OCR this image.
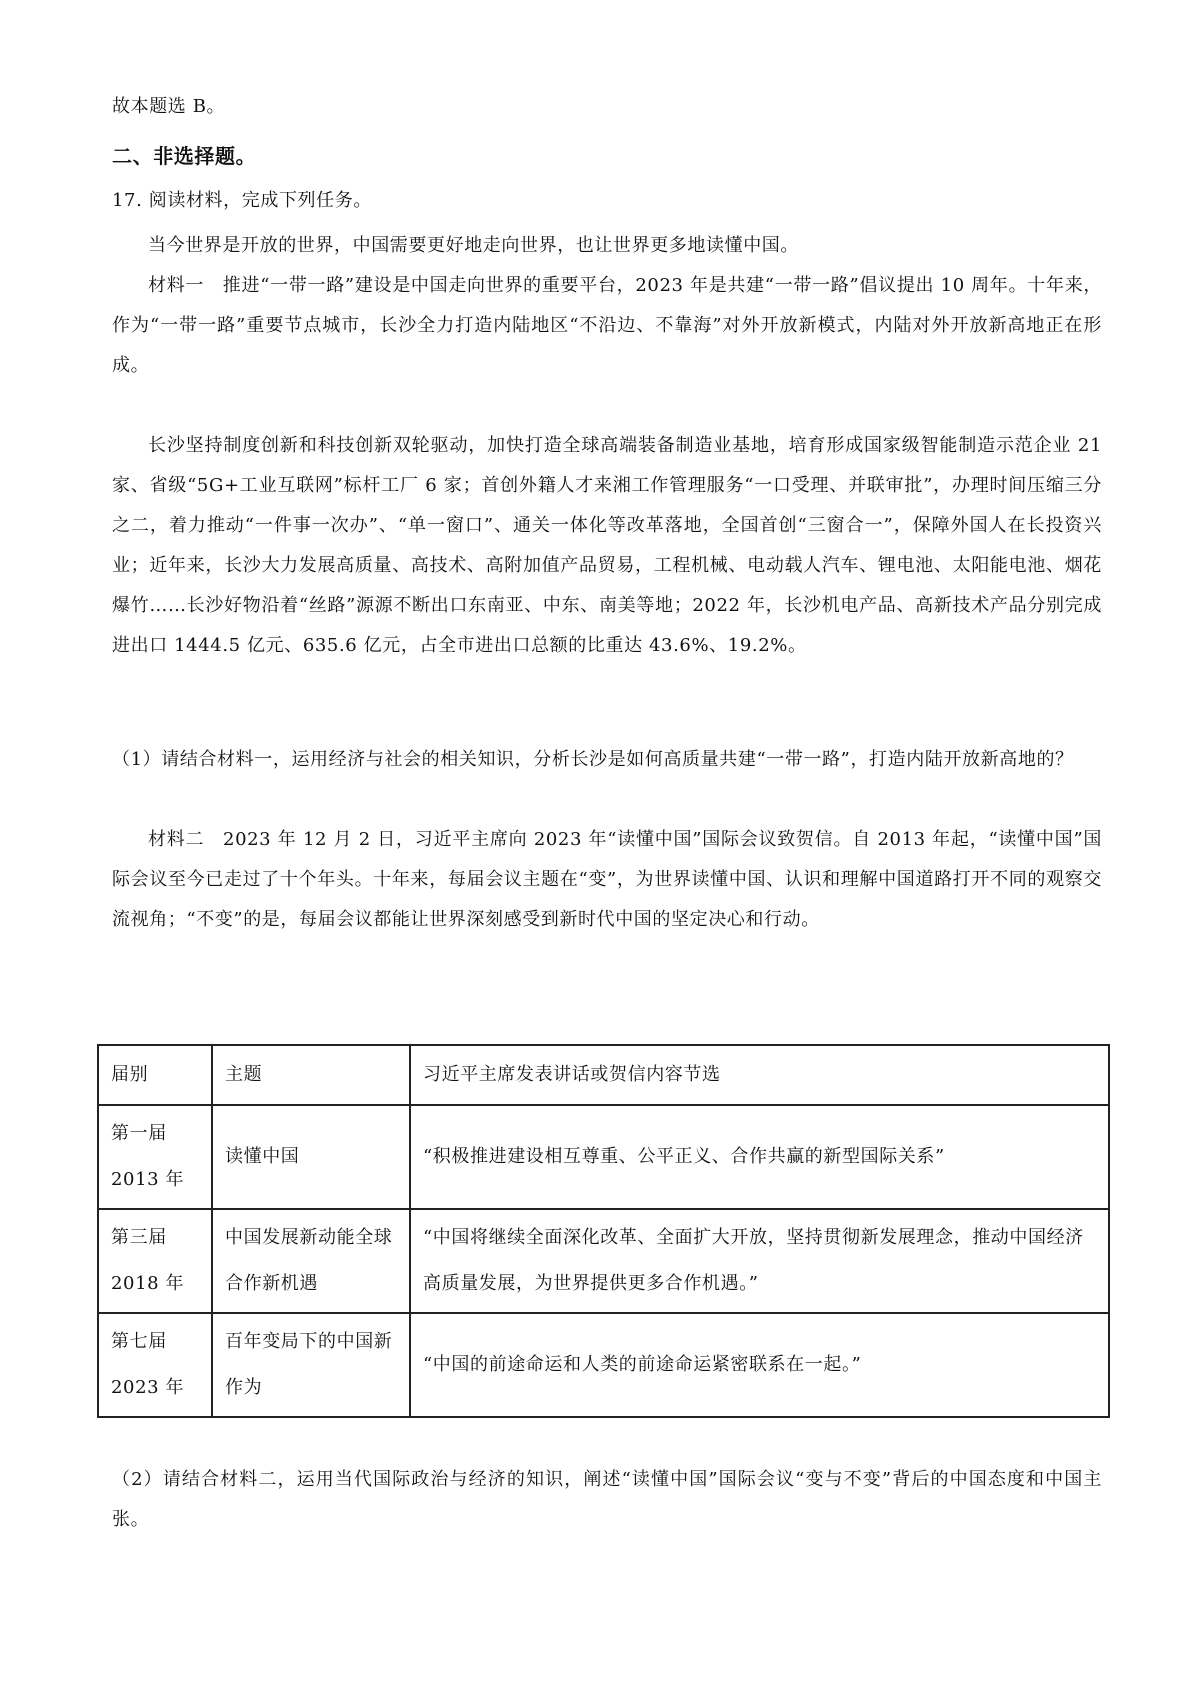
故本题选 B。
二、非选择题。
17. 阅读材料，完成下列任务。
当今世界是开放的世界，中国需要更好地走向世界，也让世界更多地读懂中国。
材料一　推进“一带一路”建设是中国走向世界的重要平台，2023 年是共建“一带一路”倡议提出 10 周年。十年来，作为“一带一路”重要节点城市，长沙全力打造内陆地区“不沿边、不靠海”对外开放新模式，内陆对外开放新高地正在形成。
长沙坚持制度创新和科技创新双轮驱动，加快打造全球高端装备制造业基地，培育形成国家级智能制造示范企业 21 家、省级“5G+工业互联网”标杆工厂 6 家；首创外籍人才来湘工作管理服务“一口受理、并联审批”，办理时间压缩三分之二，着力推动“一件事一次办”、“单一窗口”、通关一体化等改革落地，全国首创“三窗合一”，保障外国人在长投资兴业；近年来，长沙大力发展高质量、高技术、高附加值产品贸易，工程机械、电动载人汽车、锂电池、太阳能电池、烟花爆竹……长沙好物沿着“丝路”源源不断出口东南亚、中东、南美等地；2022 年，长沙机电产品、高新技术产品分别完成进出口 1444.5 亿元、635.6 亿元，占全市进出口总额的比重达 43.6%、19.2%。
（1）请结合材料一，运用经济与社会的相关知识，分析长沙是如何高质量共建“一带一路”，打造内陆开放新高地的？
材料二　2023 年 12 月 2 日，习近平主席向 2023 年“读懂中国”国际会议致贺信。自 2013 年起，“读懂中国”国际会议至今已走过了十个年头。十年来，每届会议主题在“变”，为世界读懂中国、认识和理解中国道路打开不同的观察交流视角；“不变”的是，每届会议都能让世界深刻感受到新时代中国的坚定决心和行动。
届别	主题	习近平主席发表讲话或贺信内容节选

第一届
2013 年	读懂中国	“积极推进建设相互尊重、公平正义、合作共赢的新型国际关系”

第三届
2018 年	中国发展新动能全球合作新机遇	“中国将继续全面深化改革、全面扩大开放，坚持贯彻新发展理念，推动中国经济高质量发展，为世界提供更多合作机遇。”

第七届
2023 年	百年变局下的中国新作为	“中国的前途命运和人类的前途命运紧密联系在一起。”
（2）请结合材料二，运用当代国际政治与经济的知识，阐述“读懂中国”国际会议“变与不变”背后的中国态度和中国主张。
